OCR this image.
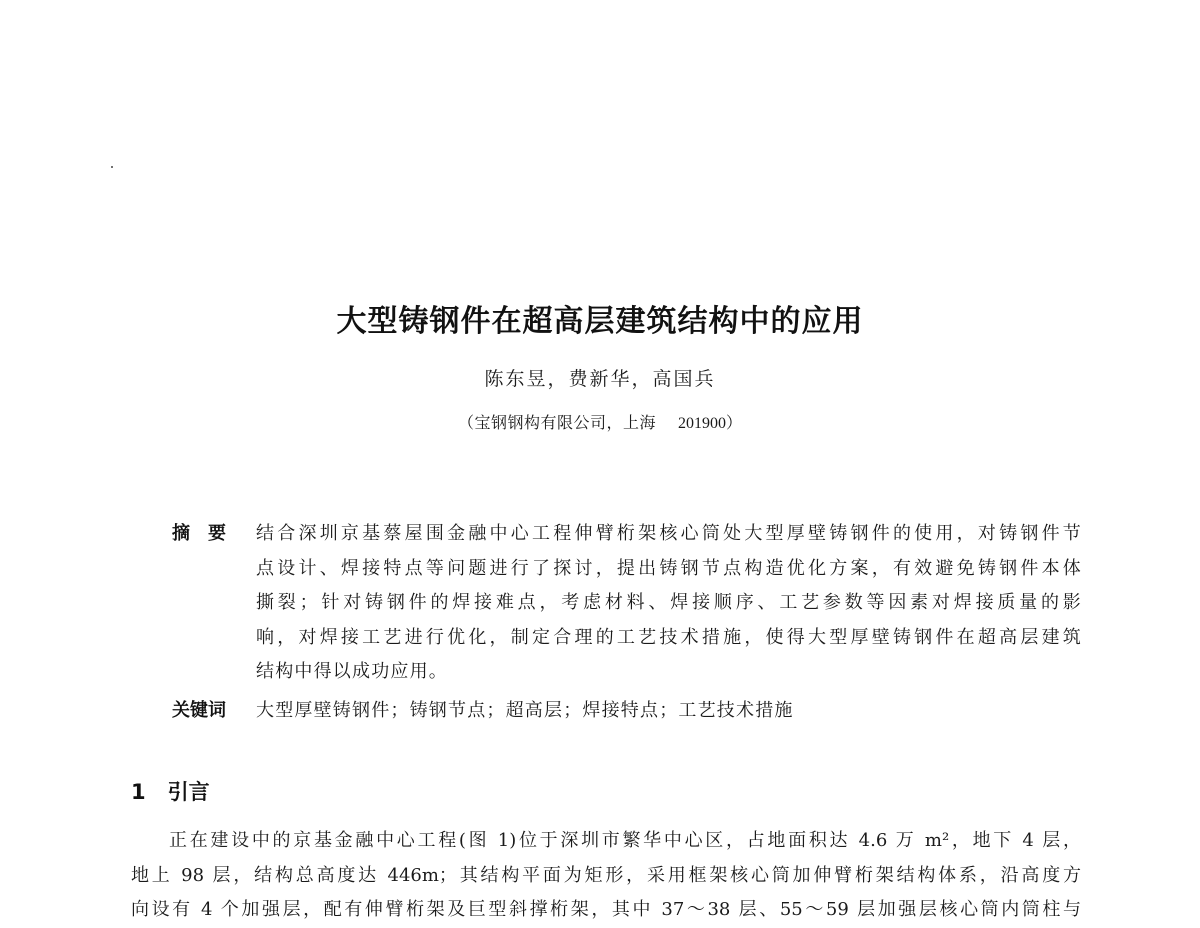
大型铸钢件在超高层建筑结构中的应用
陈东昱，费新华，高国兵
（宝钢钢构有限公司，上海 201900）
摘要 结合深圳京基蔡屋围金融中心工程伸臂桁架核心筒处大型厚壁铸钢件的使用，对铸钢件节
点设计、焊接特点等问题进行了探讨，提出铸钢节点构造优化方案，有效避免铸钢件本体
撕裂；针对铸钢件的焊接难点，考虑材料、焊接顺序、工艺参数等因素对焊接质量的影
响，对焊接工艺进行优化，制定合理的工艺技术措施，使得大型厚壁铸钢件在超高层建筑
结构中得以成功应用。
关键词	大型厚壁铸钢件；铸钢节点；超高层；焊接特点；工艺技术措施
1 引言
正在建设中的京基金融中心工程(图 1)位于深圳市繁华中心区，占地面积达 4.6 万 m²，地下 4 层，
地上 98 层，结构总高度达 446m；其结构平面为矩形，采用框架核心筒加伸臂桁架结构体系，沿高度方
向设有 4 个加强层，配有伸臂桁架及巨型斜撑桁架，其中 37～38 层、55～59 层加强层核心筒内筒柱与
